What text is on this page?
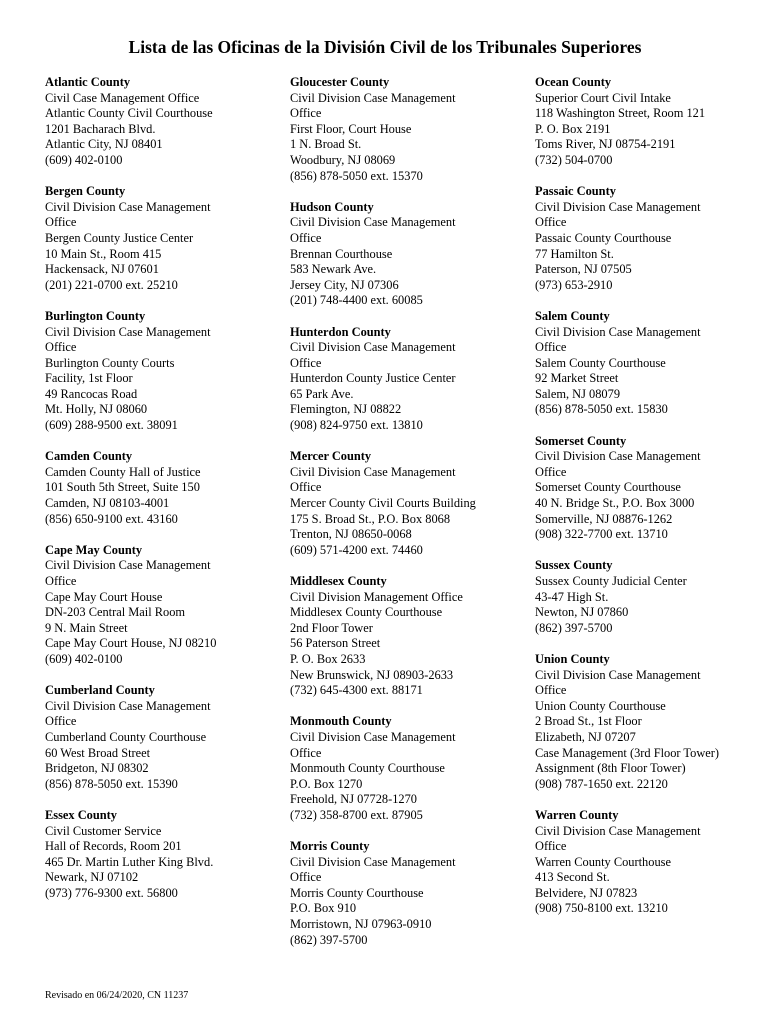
Lista de las Oficinas de la División Civil de los Tribunales Superiores
Atlantic County
Civil Case Management Office
Atlantic County Civil Courthouse
1201 Bacharach Blvd.
Atlantic City, NJ 08401
(609) 402-0100
Bergen County
Civil Division Case Management
Office
Bergen County Justice Center
10 Main St., Room 415
Hackensack, NJ 07601
(201) 221-0700 ext. 25210
Burlington County
Civil Division Case Management
Office
Burlington County Courts
Facility, 1st Floor
49 Rancocas Road
Mt. Holly, NJ 08060
(609) 288-9500 ext. 38091
Camden County
Camden County Hall of Justice
101 South 5th Street, Suite 150
Camden, NJ 08103-4001
(856) 650-9100 ext. 43160
Cape May County
Civil Division Case Management
Office
Cape May Court House
DN-203 Central Mail Room
9 N. Main Street
Cape May Court House, NJ 08210
(609) 402-0100
Cumberland County
Civil Division Case Management
Office
Cumberland County Courthouse
60 West Broad Street
Bridgeton, NJ 08302
(856) 878-5050 ext. 15390
Essex County
Civil Customer Service
Hall of Records, Room 201
465 Dr. Martin Luther King Blvd.
Newark, NJ 07102
(973) 776-9300 ext. 56800
Gloucester County
Civil Division Case Management
Office
First Floor, Court House
1 N. Broad St.
Woodbury, NJ 08069
(856) 878-5050 ext. 15370
Hudson County
Civil Division Case Management
Office
Brennan Courthouse
583 Newark Ave.
Jersey City, NJ 07306
(201) 748-4400 ext. 60085
Hunterdon County
Civil Division Case Management
Office
Hunterdon County Justice Center
65 Park Ave.
Flemington, NJ 08822
(908) 824-9750 ext. 13810
Mercer County
Civil Division Case Management
Office
Mercer County Civil Courts Building
175 S. Broad St., P.O. Box 8068
Trenton, NJ 08650-0068
(609) 571-4200 ext. 74460
Middlesex County
Civil Division Management Office
Middlesex County Courthouse
2nd Floor Tower
56 Paterson Street
P. O. Box 2633
New Brunswick, NJ 08903-2633
(732) 645-4300 ext. 88171
Monmouth County
Civil Division Case Management
Office
Monmouth County Courthouse
P.O. Box 1270
Freehold, NJ 07728-1270
(732) 358-8700 ext. 87905
Morris County
Civil Division Case Management
Office
Morris County Courthouse
P.O. Box 910
Morristown, NJ 07963-0910
(862) 397-5700
Ocean County
Superior Court Civil Intake
118 Washington Street, Room 121
P. O. Box 2191
Toms River, NJ 08754-2191
(732) 504-0700
Passaic County
Civil Division Case Management
Office
Passaic County Courthouse
77 Hamilton St.
Paterson, NJ 07505
(973) 653-2910
Salem County
Civil Division Case Management
Office
Salem County Courthouse
92 Market Street
Salem, NJ 08079
(856) 878-5050 ext. 15830
Somerset County
Civil Division Case Management
Office
Somerset County Courthouse
40 N. Bridge St., P.O. Box 3000
Somerville, NJ 08876-1262
(908) 322-7700 ext. 13710
Sussex County
Sussex County Judicial Center
43-47 High St.
Newton, NJ 07860
(862) 397-5700
Union County
Civil Division Case Management
Office
Union County Courthouse
2 Broad St., 1st Floor
Elizabeth, NJ 07207
Case Management (3rd Floor Tower)
Assignment (8th Floor Tower)
(908) 787-1650 ext. 22120
Warren County
Civil Division Case Management
Office
Warren County Courthouse
413 Second St.
Belvidere, NJ 07823
(908) 750-8100 ext. 13210
Revisado en 06/24/2020, CN 11237
